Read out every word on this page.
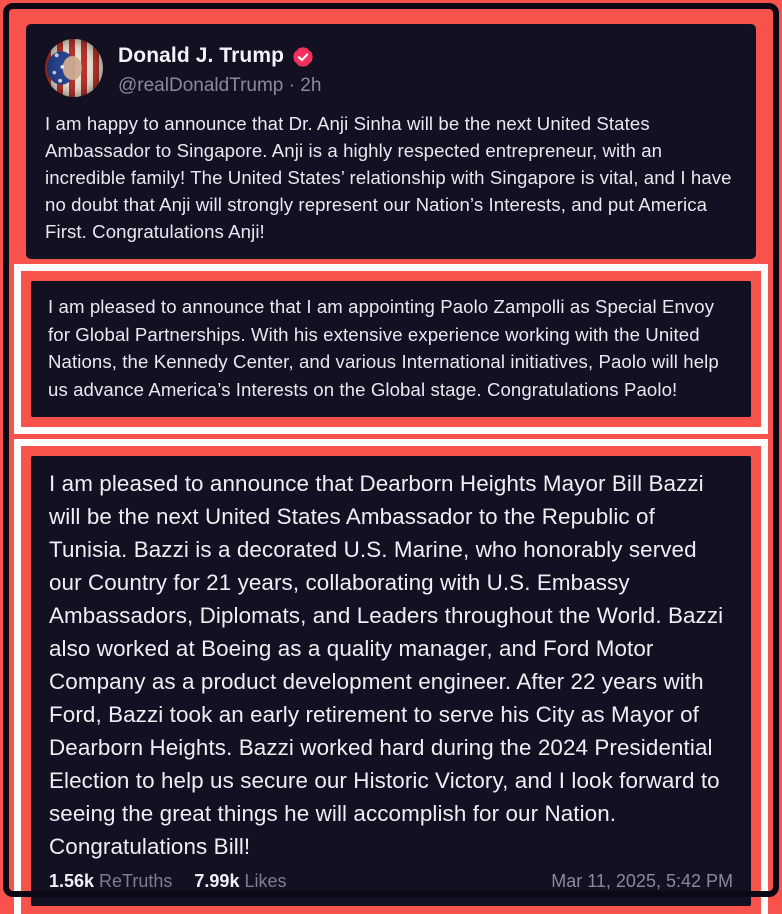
Donald J. Trump
@realDonaldTrump · 2h
I am happy to announce that Dr. Anji Sinha will be the next United States Ambassador to Singapore. Anji is a highly respected entrepreneur, with an incredible family! The United States’ relationship with Singapore is vital, and I have no doubt that Anji will strongly represent our Nation’s Interests, and put America First. Congratulations Anji!
I am pleased to announce that I am appointing Paolo Zampolli as Special Envoy for Global Partnerships. With his extensive experience working with the United Nations, the Kennedy Center, and various International initiatives, Paolo will help us advance America’s Interests on the Global stage. Congratulations Paolo!
I am pleased to announce that Dearborn Heights Mayor Bill Bazzi will be the next United States Ambassador to the Republic of Tunisia. Bazzi is a decorated U.S. Marine, who honorably served our Country for 21 years, collaborating with U.S. Embassy Ambassadors, Diplomats, and Leaders throughout the World. Bazzi also worked at Boeing as a quality manager, and Ford Motor Company as a product development engineer. After 22 years with Ford, Bazzi took an early retirement to serve his City as Mayor of Dearborn Heights. Bazzi worked hard during the 2024 Presidential Election to help us secure our Historic Victory, and I look forward to seeing the great things he will accomplish for our Nation. Congratulations Bill!
1.56k ReTruths 7.99k Likes	Mar 11, 2025, 5:42 PM
